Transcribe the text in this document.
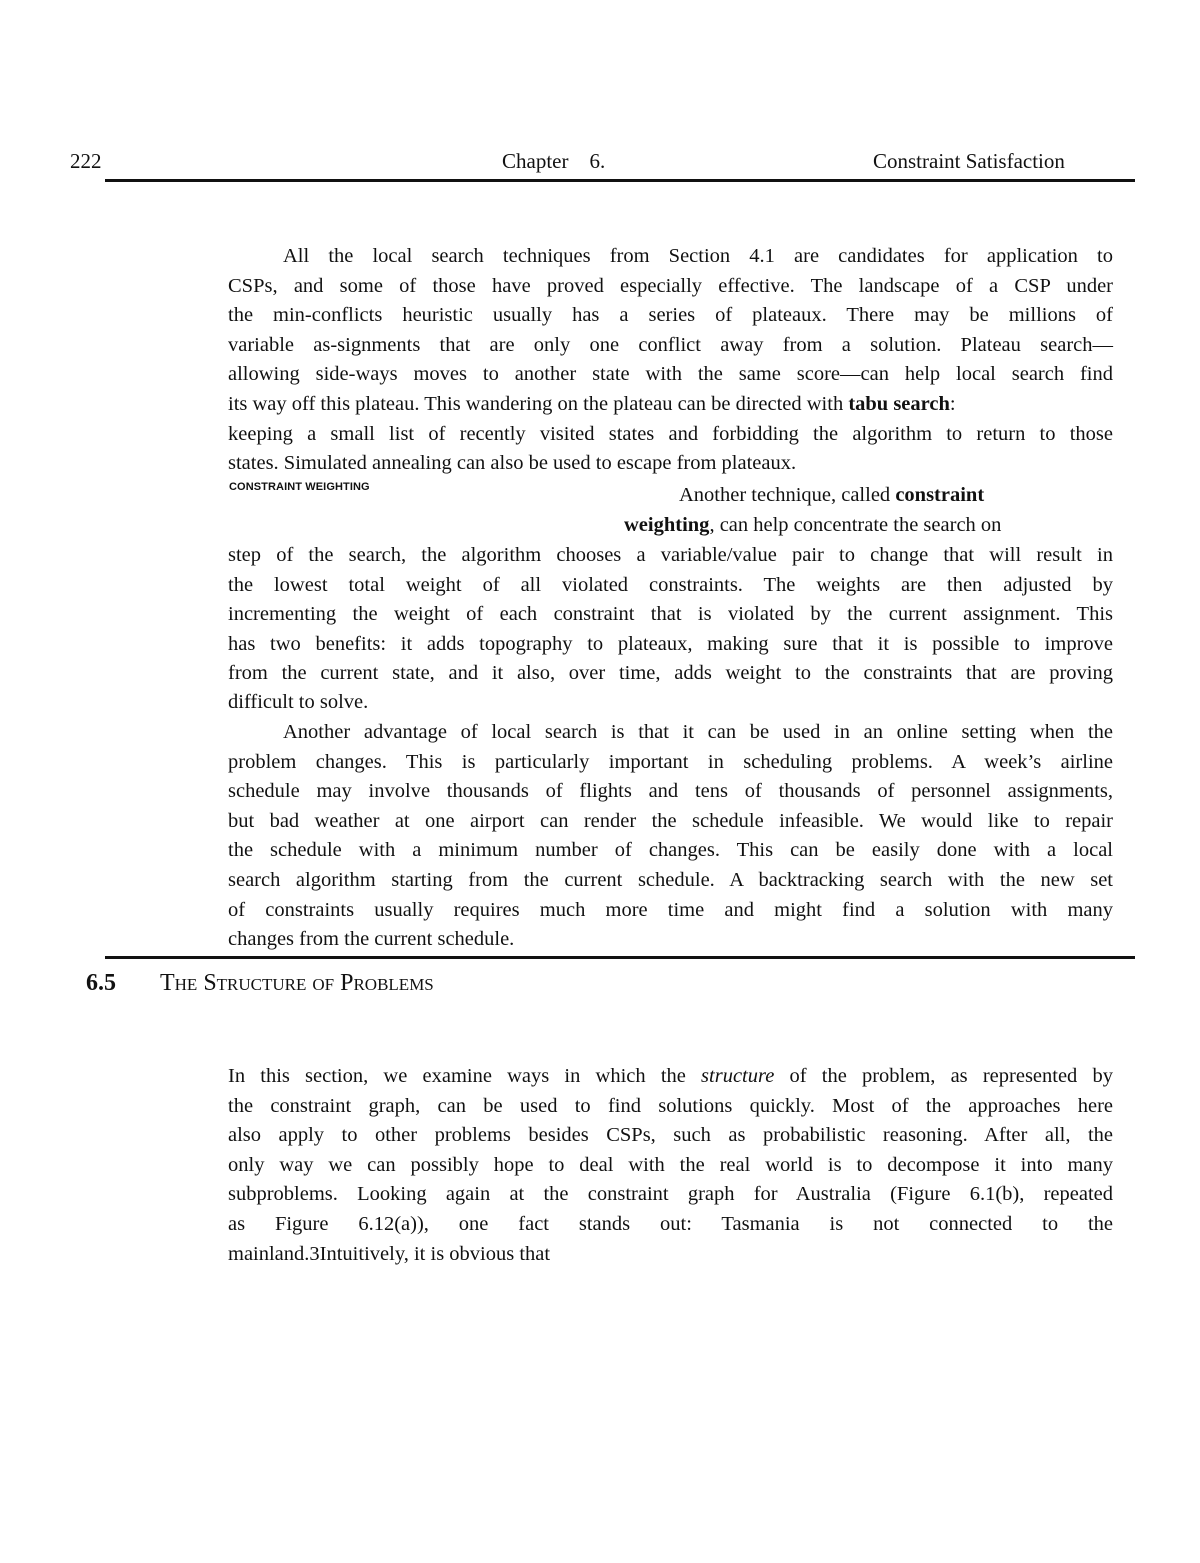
222	Chapter    6.	Constraint Satisfaction
All the local search techniques from Section 4.1 are candidates for application to
CSPs, and some of those have proved especially effective. The landscape of a CSP under
the min-conflicts heuristic usually has a series of plateaux. There may be millions of
variable as-signments that are only one conflict away from a solution. Plateau search—
allowing side-ways moves to another state with the same score—can help local search find
its way off this plateau. This wandering on the plateau can be directed with tabu search:
keeping a small list of recently visited states and forbidding the algorithm to return to those
states. Simulated annealing can also be used to escape from plateaux.
CONSTRAINT WEIGHTING	Another technique, called constraint
weighting, can help concentrate the search on
step of the search, the algorithm chooses a variable/value pair to change that will result in
the lowest total weight of all violated constraints. The weights are then adjusted by
incrementing the weight of each constraint that is violated by the current assignment. This
has two benefits: it adds topography to plateaux, making sure that it is possible to improve
from the current state, and it also, over time, adds weight to the constraints that are proving
difficult to solve.
Another advantage of local search is that it can be used in an online setting when the
problem changes. This is particularly important in scheduling problems. A week’s airline
schedule may involve thousands of flights and tens of thousands of personnel assignments,
but bad weather at one airport can render the schedule infeasible. We would like to repair
the schedule with a minimum number of changes. This can be easily done with a local
search algorithm starting from the current schedule. A backtracking search with the new set
of constraints usually requires much more time and might find a solution with many
changes from the current schedule.
6.5 The Structure of Problems
In this section, we examine ways in which the structure of the problem, as represented by
the constraint graph, can be used to find solutions quickly. Most of the approaches here
also apply to other problems besides CSPs, such as probabilistic reasoning. After all, the
only way we can possibly hope to deal with the real world is to decompose it into many
subproblems. Looking again at the constraint graph for Australia (Figure 6.1(b), repeated
as Figure 6.12(a)), one fact stands out: Tasmania is not connected to the
mainland.3Intuitively, it is obvious that
